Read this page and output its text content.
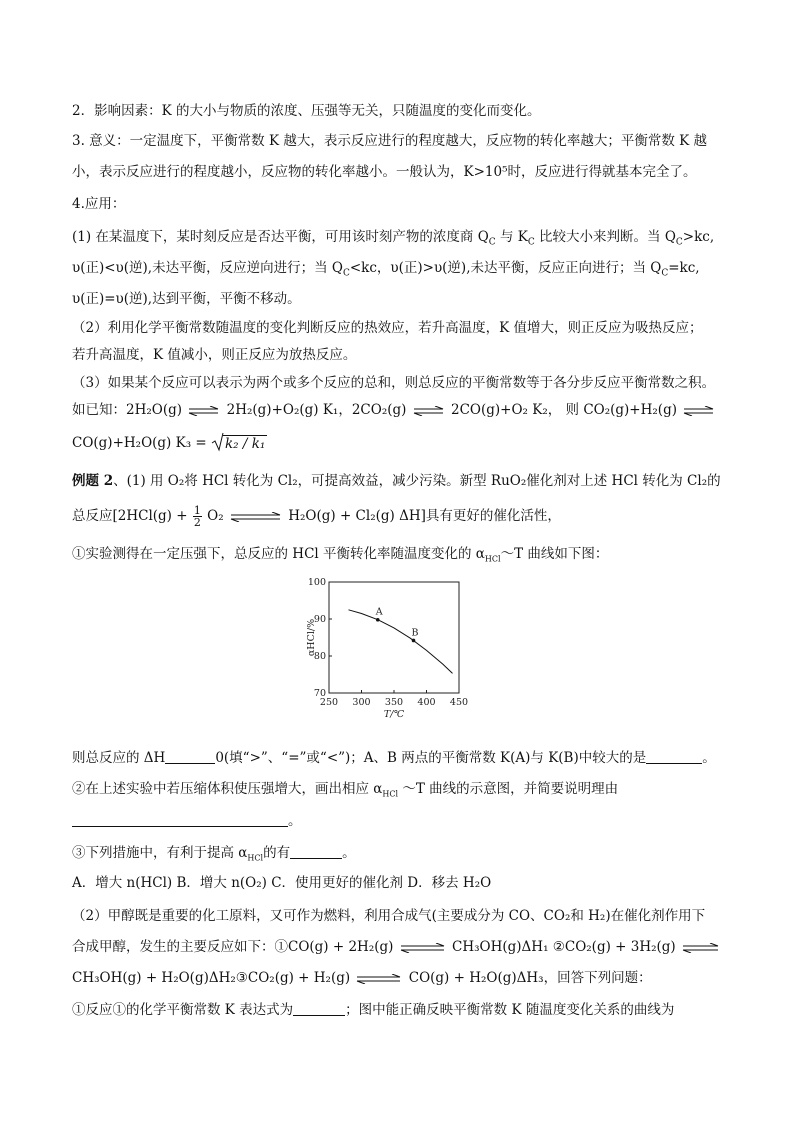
2．影响因素：K 的大小与物质的浓度、压强等无关，只随温度的变化而变化。
3. 意义：一定温度下，平衡常数 K 越大，表示反应进行的程度越大，反应物的转化率越大；平衡常数 K 越
小，表示反应进行的程度越小，反应物的转化率越小。一般认为，K>10⁵时，反应进行得就基本完全了。
4.应用：
(1) 在某温度下，某时刻反应是否达平衡，可用该时刻产物的浓度商 $Q_C$ 与 $K_C$ 比较大小来判断。当 $Q_C>kc$,
υ(正)<υ(逆),未达平衡，反应逆向进行；当 $Q_C<kc$，υ(正)>υ(逆),未达平衡，反应正向进行；当 $Q_C=kc$,
υ(正)=υ(逆),达到平衡，平衡不移动。
（2）利用化学平衡常数随温度的变化判断反应的热效应，若升高温度，K 值增大，则正反应为吸热反应；
若升高温度，K 值减小，则正反应为放热反应。
（3）如果某个反应可以表示为两个或多个反应的总和，则总反应的平衡常数等于各分步反应平衡常数之积。
如已知：2H₂O(g) ⇌ 2H₂(g)+O₂(g) K₁，2CO₂(g) ⇌ 2CO(g)+O₂ K₂， 则 CO₂(g)+H₂(g) ⇌
CO(g)+H₂O(g) K₃ =
k₂ / k₁
例题 2、(1) 用 O₂将 HCl 转化为 Cl₂，可提高效益，减少污染。新型 RuO₂催化剂对上述 HCl 转化为 Cl₂的
总反应[$2HCl(g) + \frac{1}{2} O_2$ ⇌ H₂O(g) + Cl₂(g) ΔH]具有更好的催化活性，
①实验测得在一定压强下，总反应的 HCl 平衡转化率随温度变化的 $\alpha_{HCl}\sim T$ 曲线如下图：
250 300 350 400 450
70
80
90
100
T/℃
αHCl/%
A
B
则总反应的 ΔH	0(填“>”、“=”或“<”)；A、B 两点的平衡常数 K(A)与 K(B)中较大的是	。
②在上述实验中若压缩体积使压强增大，画出相应 $\alpha_{HCl}$ ～T 曲线的示意图，并简要说明理由
。
③下列措施中，有利于提高 $\alpha_{HCl}$的有	。
A．增大 n(HCl) B．增大 n(O₂) C．使用更好的催化剂 D．移去 H₂O
（2）甲醇既是重要的化工原料，又可作为燃料，利用合成气(主要成分为 CO、CO₂和 H₂)在催化剂作用下
合成甲醇，发生的主要反应如下：①CO(g) + 2H₂(g) ⇌ CH₃OH(g)ΔH₁ ②CO₂(g) + 3H₂(g) ⇌
CH₃OH(g) + H₂O(g)ΔH₂③CO₂(g) + H₂(g) ⇌ CO(g) + H₂O(g)ΔH₃，回答下列问题：
①反应①的化学平衡常数 K 表达式为	；图中能正确反映平衡常数 K 随温度变化关系的曲线为
